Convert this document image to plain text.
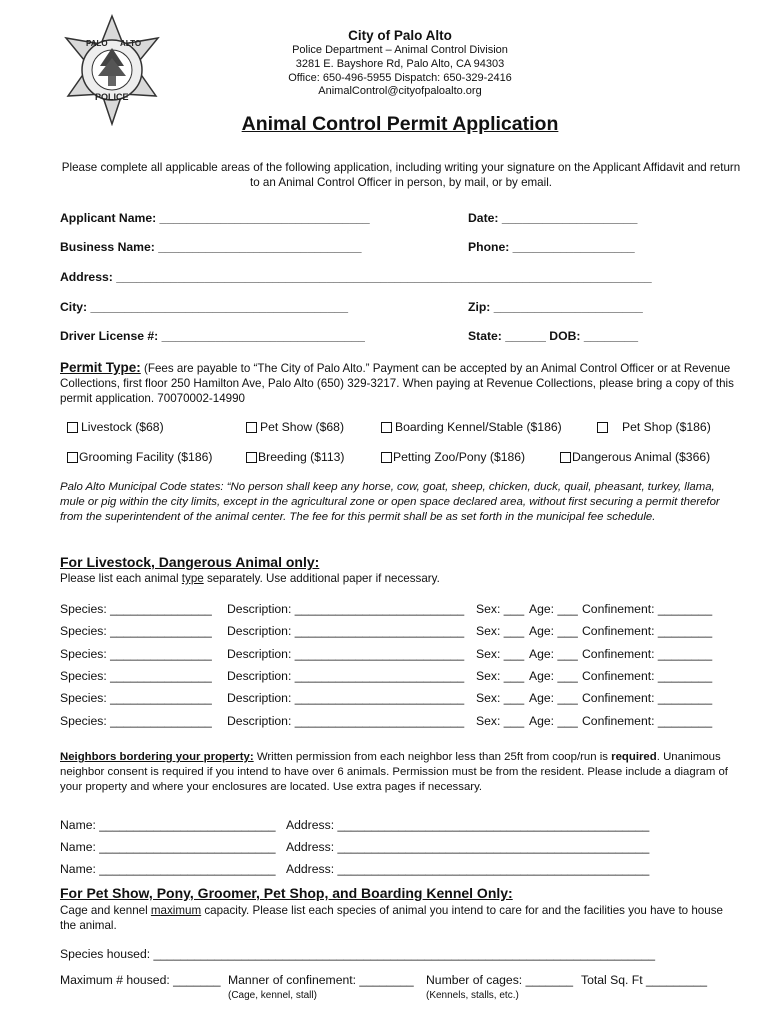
PALO ALTO
POLICE
City of Palo Alto
Police Department – Animal Control Division
3281 E. Bayshore Rd, Palo Alto, CA 94303
Office: 650-496-5955 Dispatch: 650-329-2416
AnimalControl@cityofpaloalto.org
Animal Control Permit Application
Please complete all applicable areas of the following application, including writing your signature on the Applicant Affidavit and return to an Animal Control Officer in person, by mail, or by email.
Applicant Name: _______________________________	Date: ____________________
Business Name: ______________________________	Phone: __________________
Address: _______________________________________________________________________________
City: ______________________________________	Zip: ______________________
Driver License #: ______________________________	State: ______ DOB: ________
Permit Type: (Fees are payable to “The City of Palo Alto.” Payment can be accepted by an Animal Control Officer or at Revenue Collections, first floor 250 Hamilton Ave, Palo Alto (650) 329-3217. When paying at Revenue Collections, please bring a copy of this permit application. 70070002-14990
Livestock ($68)	Pet Show ($68)	Boarding Kennel/Stable ($186)	Pet Shop ($186)
Grooming Facility ($186)	Breeding ($113)	Petting Zoo/Pony ($186)	Dangerous Animal ($366)
Palo Alto Municipal Code states: “No person shall keep any horse, cow, goat, sheep, chicken, duck, quail, pheasant, turkey, llama, mule or pig within the city limits, except in the agricultural zone or open space declared area, without first securing a permit therefor from the superintendent of the animal center. The fee for this permit shall be as set forth in the municipal fee schedule.
For Livestock, Dangerous Animal only:
Please list each animal type separately. Use additional paper if necessary.
Species: _______________ Description: _________________________ Sex: ___ Age: ___ Confinement: ________
Species: _______________ Description: _________________________ Sex: ___ Age: ___ Confinement: ________
Species: _______________ Description: _________________________ Sex: ___ Age: ___ Confinement: ________
Species: _______________ Description: _________________________ Sex: ___ Age: ___ Confinement: ________
Species: _______________ Description: _________________________ Sex: ___ Age: ___ Confinement: ________
Species: _______________ Description: _________________________ Sex: ___ Age: ___ Confinement: ________
Neighbors bordering your property: Written permission from each neighbor less than 25ft from coop/run is required. Unanimous neighbor consent is required if you intend to have over 6 animals. Permission must be from the resident. Please include a diagram of your property and where your enclosures are located. Use extra pages if necessary.
Name: __________________________ Address: ______________________________________________
Name: __________________________ Address: ______________________________________________
Name: __________________________ Address: ______________________________________________
For Pet Show, Pony, Groomer, Pet Shop, and Boarding Kennel Only:
Cage and kennel maximum capacity. Please list each species of animal you intend to care for and the facilities you have to house the animal.
Species housed: __________________________________________________________________________
Maximum # housed: _______ Manner of confinement: ________
(Cage, kennel, stall)
Number of cages: _______
(Kennels, stalls, etc.)
Total Sq. Ft _________
